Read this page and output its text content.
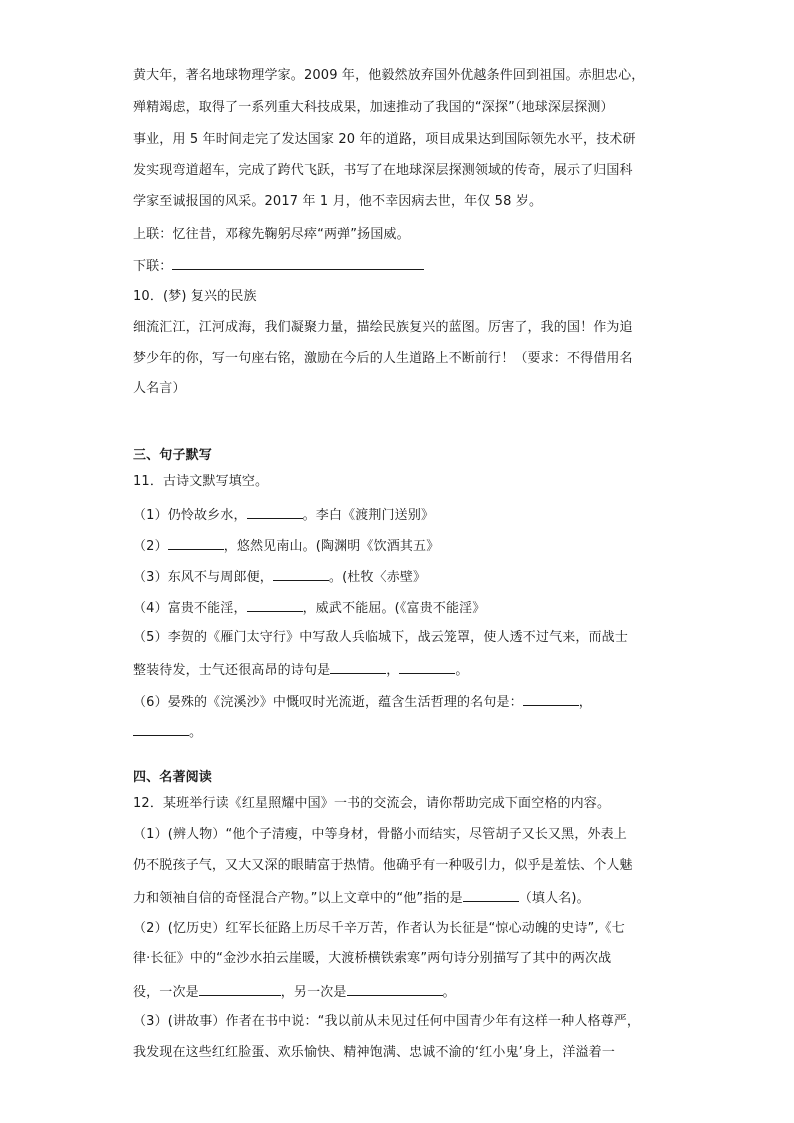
黄大年，著名地球物理学家。2009 年，他毅然放弃国外优越条件回到祖国。赤胆忠心，
殚精竭虑，取得了一系列重大科技成果，加速推动了我国的“深探”（地球深层探测）
事业，用 5 年时间走完了发达国家 20 年的道路，项目成果达到国际领先水平，技术研
发实现弯道超车，完成了跨代飞跃，书写了在地球深层探测领域的传奇，展示了归国科
学家至诚报国的风采。2017 年 1 月，他不幸因病去世，年仅 58 岁。
上联：忆往昔，邓稼先鞠躬尽瘁“两弹”扬国威。
下联：
10．(梦) 复兴的民族
细流汇江，江河成海，我们凝聚力量，描绘民族复兴的蓝图。厉害了，我的国！作为追
梦少年的你，写一句座右铭，激励在今后的人生道路上不断前行！（要求：不得借用名
人名言）
三、句子默写
11．古诗文默写填空。
（1）仍怜故乡水，	。李白《渡荆门送别》
（2）	，悠然见南山。(陶渊明《饮酒其五》
（3）东风不与周郎便，	。(杜牧〈赤壁》
（4）富贵不能淫，	，威武不能屈。(《富贵不能淫》
（5）李贺的《雁门太守行》中写敌人兵临城下，战云笼罩，使人透不过气来，而战士
整装待发，士气还很高昂的诗句是	，	。
（6）晏殊的《浣溪沙》中慨叹时光流逝，蕴含生活哲理的名句是：	，
。
四、名著阅读
12．某班举行读《红星照耀中国》一书的交流会，请你帮助完成下面空格的内容。
（1）(辨人物）“他个子清瘦，中等身材，骨骼小而结实，尽管胡子又长又黑，外表上
仍不脱孩子气，又大又深的眼睛富于热情。他确乎有一种吸引力，似乎是羞怯、个人魅
力和领袖自信的奇怪混合产物。”以上文章中的“他”指的是	（填人名)。
（2）(忆历史）红军长征路上历尽千辛万苦，作者认为长征是“惊心动魄的史诗”,《七
律·长征》中的“金沙水拍云崖暖，大渡桥横铁索寒”两句诗分别描写了其中的两次战
役，一次是	，另一次是	。
（3）(讲故事）作者在书中说：“我以前从未见过任何中国青少年有这样一种人格尊严，
我发现在这些红红脸蛋、欢乐愉快、精神饱满、忠诚不渝的‘红小鬼’身上，洋溢着一
